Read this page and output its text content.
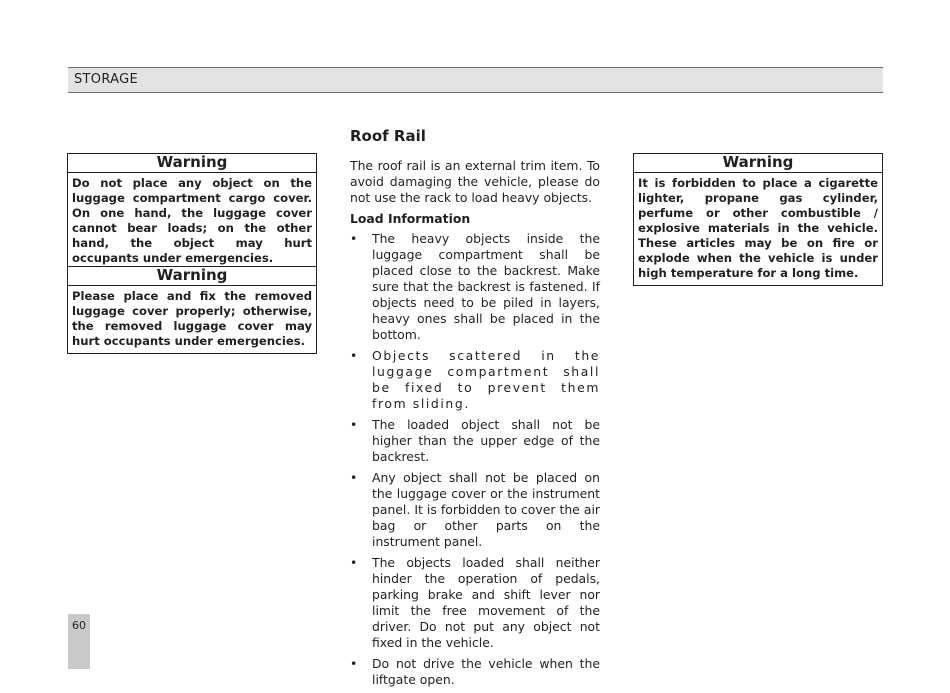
STORAGE
Warning
Do not place any object on the luggage compartment cargo cover. On one hand, the luggage cover cannot bear loads; on the other hand, the object may hurt occupants under emergencies.
Warning
Please place and fix the removed luggage cover properly; otherwise, the removed luggage cover may hurt occupants under emergencies.
Roof Rail

The roof rail is an external trim item. To avoid damaging the vehicle, please do not use the rack to load heavy objects.

Load Information
• The heavy objects inside the luggage compartment shall be placed close to the backrest. Make sure that the backrest is fastened. If objects need to be piled in layers, heavy ones shall be placed in the bottom.
• Objects scattered in the luggage compartment shall be fixed to prevent them from sliding.
• The loaded object shall not be higher than the upper edge of the backrest.
• Any object shall not be placed on the luggage cover or the instrument panel. It is forbidden to cover the air bag or other parts on the instrument panel.
• The objects loaded shall neither hinder the operation of pedals, parking brake and shift lever nor limit the free movement of the driver. Do not put any object not fixed in the vehicle.
• Do not drive the vehicle when the liftgate open.
Warning
It is forbidden to place a cigarette lighter, propane gas cylinder, perfume or other combustible / explosive materials in the vehicle. These articles may be on fire or explode when the vehicle is under high temperature for a long time.
60
